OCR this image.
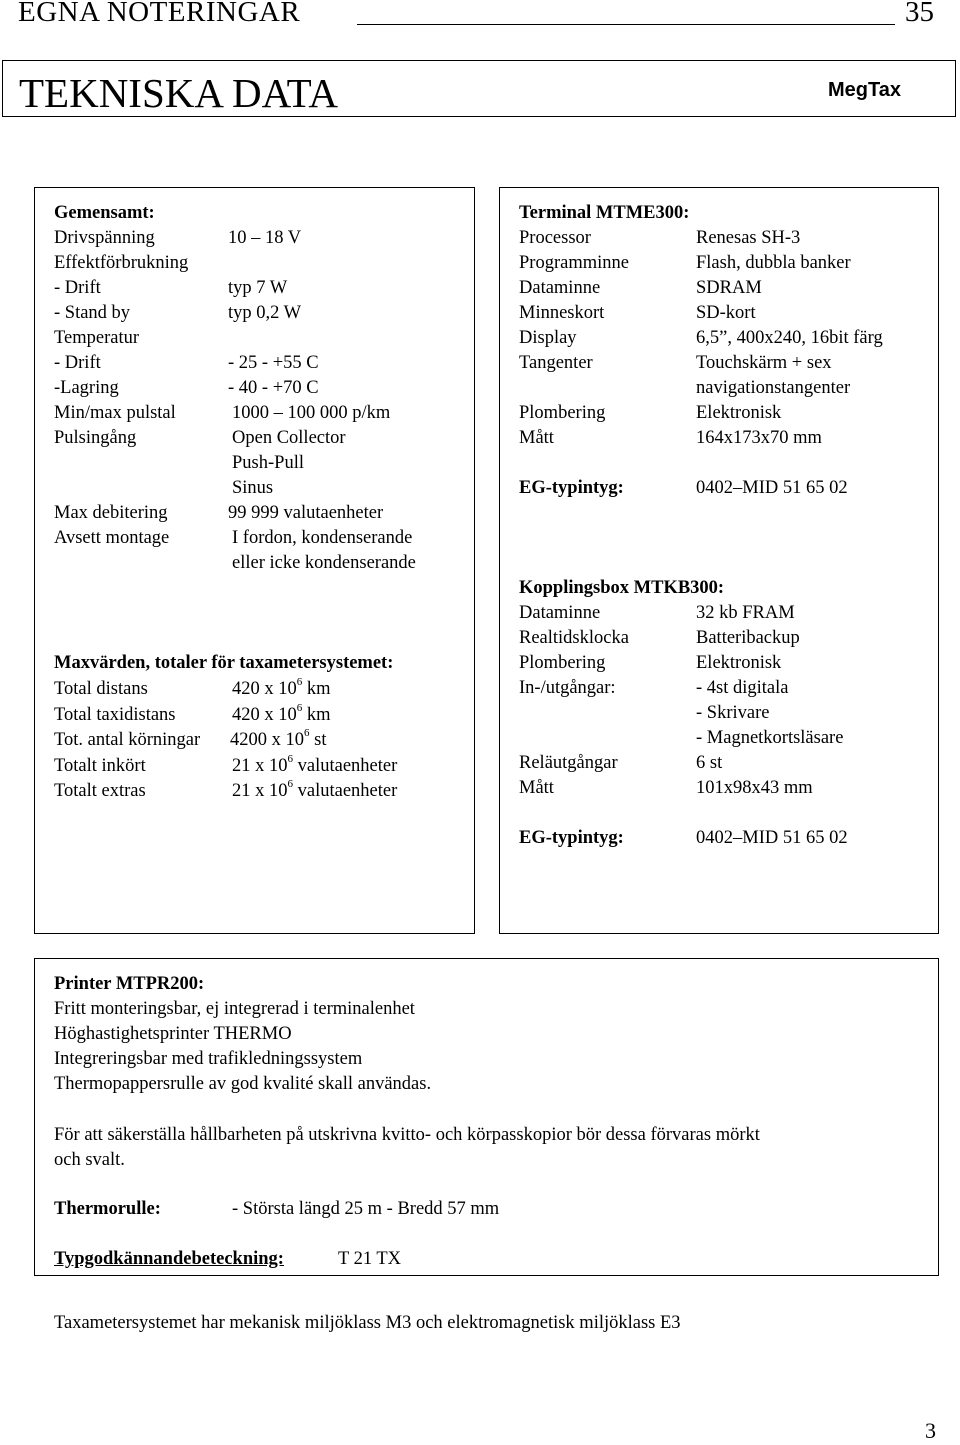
EGNA NOTERINGAR	35
TEKNISKA DATA	MegTax
Gemensamt:
Drivspänning	10 – 18 V
Effektförbrukning
- Drift	typ 7 W
- Stand by	typ 0,2 W
Temperatur
- Drift	- 25 - +55 C
-Lagring	- 40 - +70 C
Min/max pulstal	1000 – 100 000 p/km
Pulsingång	Open Collector
Push-Pull
Sinus
Max debitering	99 999 valutaenheter
Avsett montage	I fordon, kondenserande
eller icke kondenserande
Maxvärden, totaler för taxametersystemet:
Total distans	420 x $10^6$ km
Total taxidistans	420 x $10^6$ km
Tot. antal körningar 4200 x $10^6$ st
Totalt inkört	21 x $10^6$ valutaenheter
Totalt extras	21 x $10^6$ valutaenheter
Terminal MTME300:
Processor	Renesas SH-3
Programminne	Flash, dubbla banker
Dataminne	SDRAM
Minneskort	SD-kort
Display	6,5”, 400x240, 16bit färg
Tangenter	Touchskärm + sex
navigationstangenter
Plombering	Elektronisk
Mått	164x173x70 mm
EG-typintyg:	0402–MID 51 65 02
Kopplingsbox MTKB300:
Dataminne	32 kb FRAM
Realtidsklocka	Batteribackup
Plombering	Elektronisk
In-/utgångar:	- 4st digitala
- Skrivare
- Magnetkortsläsare
Reläutgångar	6 st
Mått	101x98x43 mm
EG-typintyg:	0402–MID 51 65 02
Printer MTPR200:
Fritt monteringsbar, ej integrerad i terminalenhet
Höghastighetsprinter THERMO
Integreringsbar med trafikledningssystem
Thermopappersrulle av god kvalité skall användas.
För att säkerställa hållbarheten på utskrivna kvitto- och körpasskopior bör dessa förvaras mörkt
och svalt.
Thermorulle:	- Största längd 25 m - Bredd 57 mm
Typgodkännandebeteckning:	T 21 TX
Taxametersystemet har mekanisk miljöklass M3 och elektromagnetisk miljöklass E3
3
